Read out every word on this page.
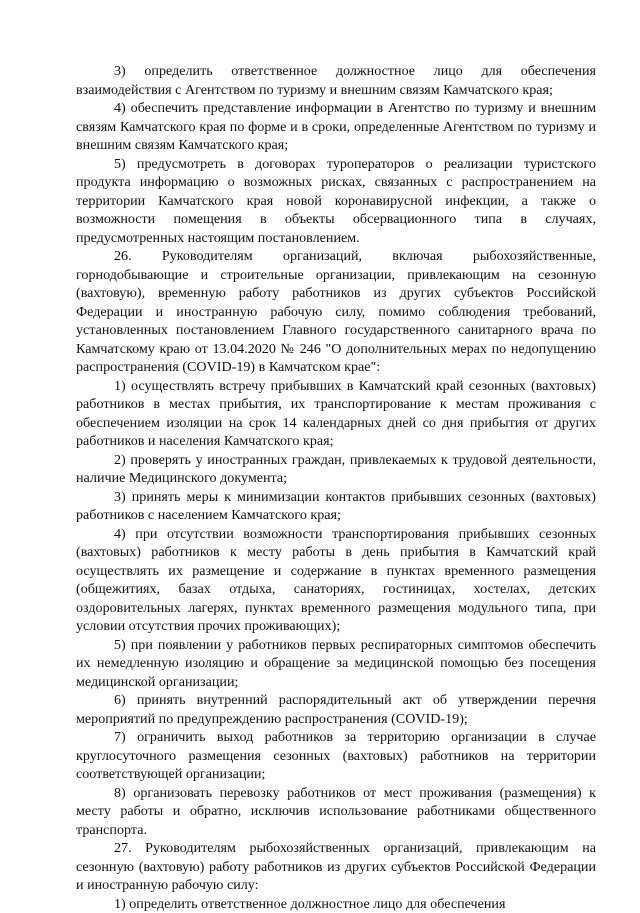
3) определить ответственное должностное лицо для обеспечения взаимодействия с Агентством по туризму и внешним связям Камчатского края;

4) обеспечить представление информации в Агентство по туризму и внешним связям Камчатского края по форме и в сроки, определенные Агентством по туризму и внешним связям Камчатского края;

5) предусмотреть в договорах туроператоров о реализации туристского продукта информацию о возможных рисках, связанных с распространением на территории Камчатского края новой коронавирусной инфекции, а также о возможности помещения в объекты обсервационного типа в случаях, предусмотренных настоящим постановлением.

26. Руководителям организаций, включая рыбохозяйственные, горнодобывающие и строительные организации, привлекающим на сезонную (вахтовую), временную работу работников из других субъектов Российской Федерации и иностранную рабочую силу, помимо соблюдения требований, установленных постановлением Главного государственного санитарного врача по Камчатскому краю от 13.04.2020 № 246 "О дополнительных мерах по недопущению распространения (COVID-19) в Камчатском крае":

1) осуществлять встречу прибывших в Камчатский край сезонных (вахтовых) работников в местах прибытия, их транспортирование к местам проживания с обеспечением изоляции на срок 14 календарных дней со дня прибытия от других работников и населения Камчатского края;

2) проверять у иностранных граждан, привлекаемых к трудовой деятельности, наличие Медицинского документа;

3) принять меры к минимизации контактов прибывших сезонных (вахтовых) работников с населением Камчатского края;

4) при отсутствии возможности транспортирования прибывших сезонных (вахтовых) работников к месту работы в день прибытия в Камчатский край осуществлять их размещение и содержание в пунктах временного размещения (общежитиях, базах отдыха, санаториях, гостиницах, хостелах, детских оздоровительных лагерях, пунктах временного размещения модульного типа, при условии отсутствия прочих проживающих);

5) при появлении у работников первых респираторных симптомов обеспечить их немедленную изоляцию и обращение за медицинской помощью без посещения медицинской организации;

6) принять внутренний распорядительный акт об утверждении перечня мероприятий по предупреждению распространения (COVID-19);

7) ограничить выход работников за территорию организации в случае круглосуточного размещения сезонных (вахтовых) работников на территории соответствующей организации;

8) организовать перевозку работников от мест проживания (размещения) к месту работы и обратно, исключив использование работниками общественного транспорта.

27. Руководителям рыбохозяйственных организаций, привлекающим на сезонную (вахтовую) работу работников из других субъектов Российской Федерации и иностранную рабочую силу:

1) определить ответственное должностное лицо для обеспечения
